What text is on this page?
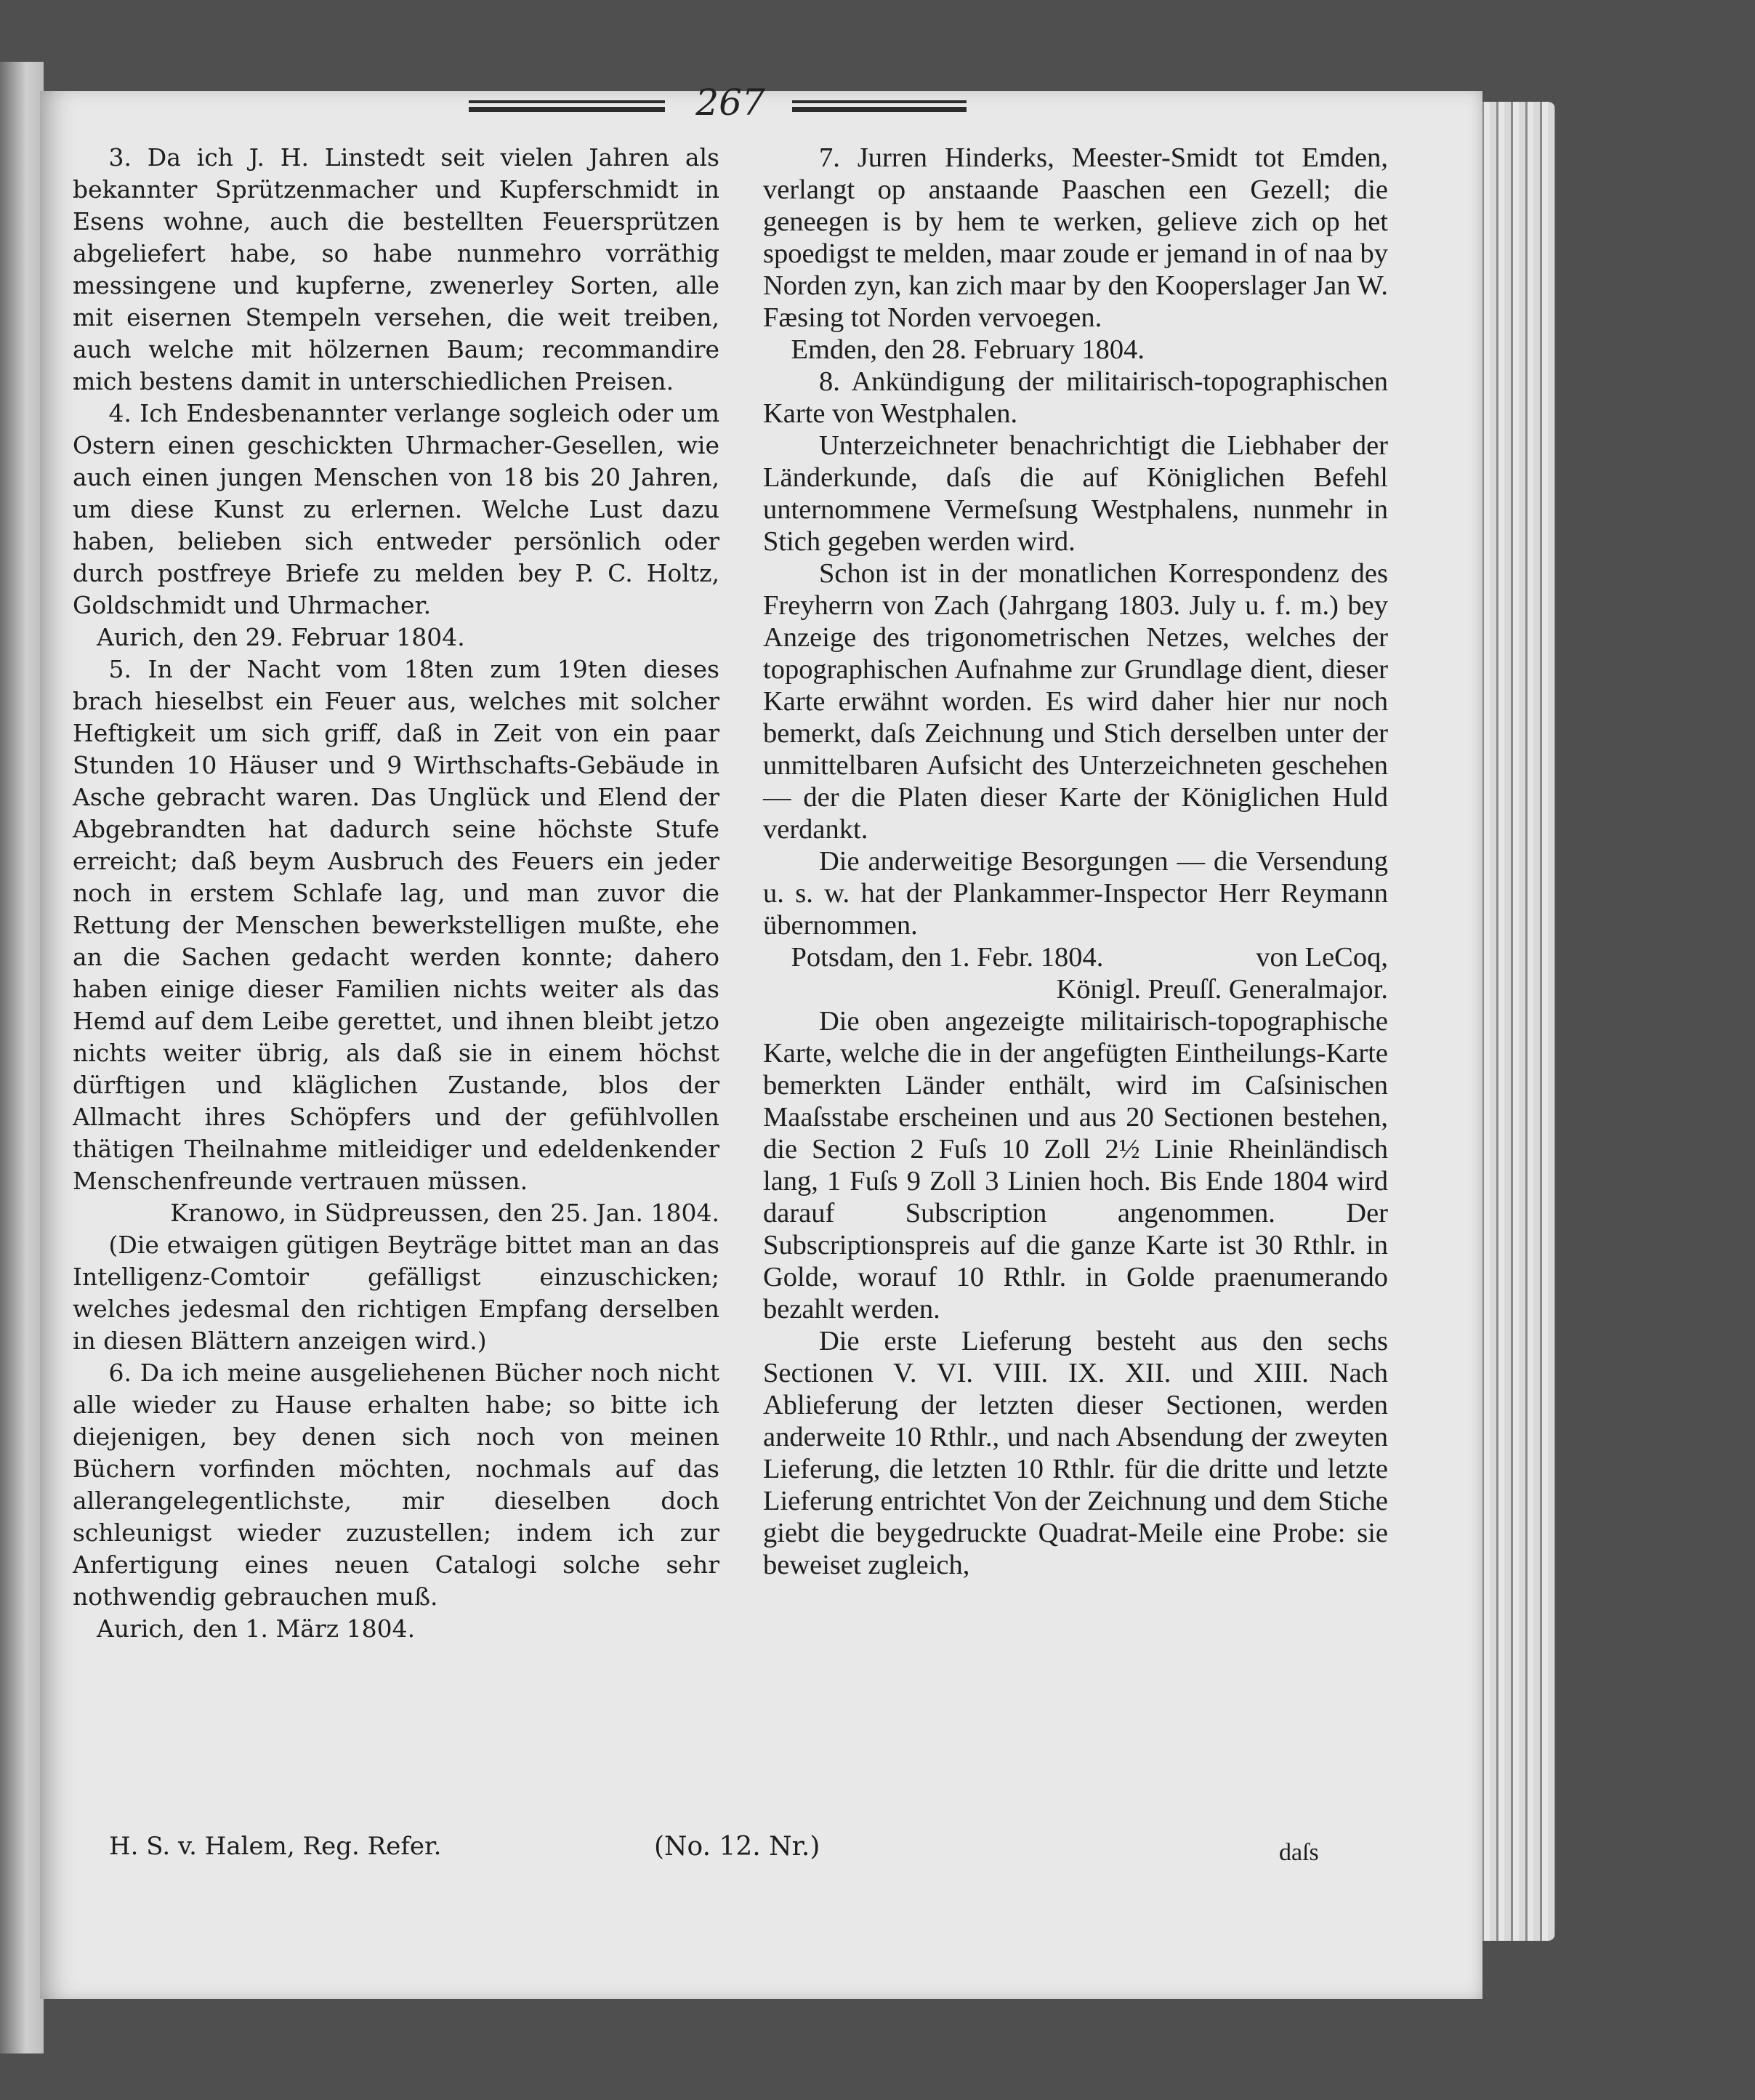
267

3. Da ich J. H. Linstedt seit vielen Jahren als bekannter Sprützenmacher und Kupferschmidt in Esens wohne, auch die bestellten Feuersprützen abgeliefert habe, so habe nunmehro vorräthig messingene und kupferne, zwenerley Sorten, alle mit eisernen Stempeln versehen, die weit treiben, auch welche mit hölzernen Baum; recommandire mich bestens damit in unterschiedlichen Preisen.

4. Ich Endesbenannter verlange sogleich oder um Ostern einen geschickten Uhrmacher-Gesellen, wie auch einen jungen Menschen von 18 bis 20 Jahren, um diese Kunst zu erlernen. Welche Lust dazu haben, belieben sich entweder persönlich oder durch postfreye Briefe zu melden bey P. C. Holtz, Goldschmidt und Uhrmacher.

Aurich, den 29. Februar 1804.

5. In der Nacht vom 18ten zum 19ten dieses brach hieselbst ein Feuer aus, welches mit solcher Heftigkeit um sich griff, daß in Zeit von ein paar Stunden 10 Häuser und 9 Wirthschafts-Gebäude in Asche gebracht waren. Das Unglück und Elend der Abgebrandten hat dadurch seine höchste Stufe erreicht; daß beym Ausbruch des Feuers ein jeder noch in erstem Schlafe lag, und man zuvor die Rettung der Menschen bewerkstelligen mußte, ehe an die Sachen gedacht werden konnte; dahero haben einige dieser Familien nichts weiter als das Hemd auf dem Leibe gerettet, und ihnen bleibt jetzo nichts weiter übrig, als daß sie in einem höchst dürftigen und kläglichen Zustande, blos der Allmacht ihres Schöpfers und der gefühlvollen thätigen Theilnahme mitleidiger und edeldenkender Menschenfreunde vertrauen müssen.

Kranowo, in Südpreussen, den 25. Jan. 1804.

(Die etwaigen gütigen Beyträge bittet man an das Intelligenz-Comtoir gefälligst einzuschicken; welches jedesmal den richtigen Empfang derselben in diesen Blättern anzeigen wird.)

6. Da ich meine ausgeliehenen Bücher noch nicht alle wieder zu Hause erhalten habe; so bitte ich diejenigen, bey denen sich noch von meinen Büchern vorfinden möchten, nochmals auf das allerangelegentlichste, mir dieselben doch schleunigst wieder zuzustellen; indem ich zur Anfertigung eines neuen Catalogi solche sehr nothwendig gebrauchen muß.

Aurich, den 1. März 1804.

7. Jurren Hinderks, Meester-Smidt tot Emden, verlangt op anstaande Paaschen een Gezell; die geneegen is by hem te werken, gelieve zich op het spoedigst te melden, maar zoude er jemand in of naa by Norden zyn, kan zich maar by den Kooperslager Jan W. Fæsing tot Norden vervoegen.

Emden, den 28. February 1804.

8. Ankündigung der militairisch-topographischen Karte von Westphalen.

Unterzeichneter benachrichtigt die Liebhaber der Länderkunde, daſs die auf Königlichen Befehl unternommene Vermeſsung Westphalens, nunmehr in Stich gegeben werden wird.

Schon ist in der monatlichen Korrespondenz des Freyherrn von Zach (Jahrgang 1803. July u. f. m.) bey Anzeige des trigonometrischen Netzes, welches der topographischen Aufnahme zur Grundlage dient, dieser Karte erwähnt worden. Es wird daher hier nur noch bemerkt, daſs Zeichnung und Stich derselben unter der unmittelbaren Aufsicht des Unterzeichneten geschehen — der die Platen dieser Karte der Königlichen Huld verdankt.

Die anderweitige Besorgungen — die Versendung u. s. w. hat der Plankammer-Inspector Herr Reymann übernommen.

Potsdam, den 1. Febr. 1804.	von LeCoq,

Königl. Preuſſ. Generalmajor.

Die oben angezeigte militairisch-topographische Karte, welche die in der angefügten Eintheilungs-Karte bemerkten Länder enthält, wird im Caſsinischen Maaſsstabe erscheinen und aus 20 Sectionen bestehen, die Section 2 Fuſs 10 Zoll 2½ Linie Rheinländisch lang, 1 Fuſs 9 Zoll 3 Linien hoch. Bis Ende 1804 wird darauf Subscription angenommen. Der Subscriptionspreis auf die ganze Karte ist 30 Rthlr. in Golde, worauf 10 Rthlr. in Golde praenumerando bezahlt werden.

Die erste Lieferung besteht aus den sechs Sectionen V. VI. VIII. IX. XII. und XIII. Nach Ablieferung der letzten dieser Sectionen, werden anderweite 10 Rthlr., und nach Absendung der zweyten Lieferung, die letzten 10 Rthlr. für die dritte und letzte Lieferung entrichtet Von der Zeichnung und dem Stiche giebt die beygedruckte Quadrat-Meile eine Probe: sie beweiset zugleich,

H. S. v. Halem, Reg. Refer.	(No. 12. Nr.)	daſs
